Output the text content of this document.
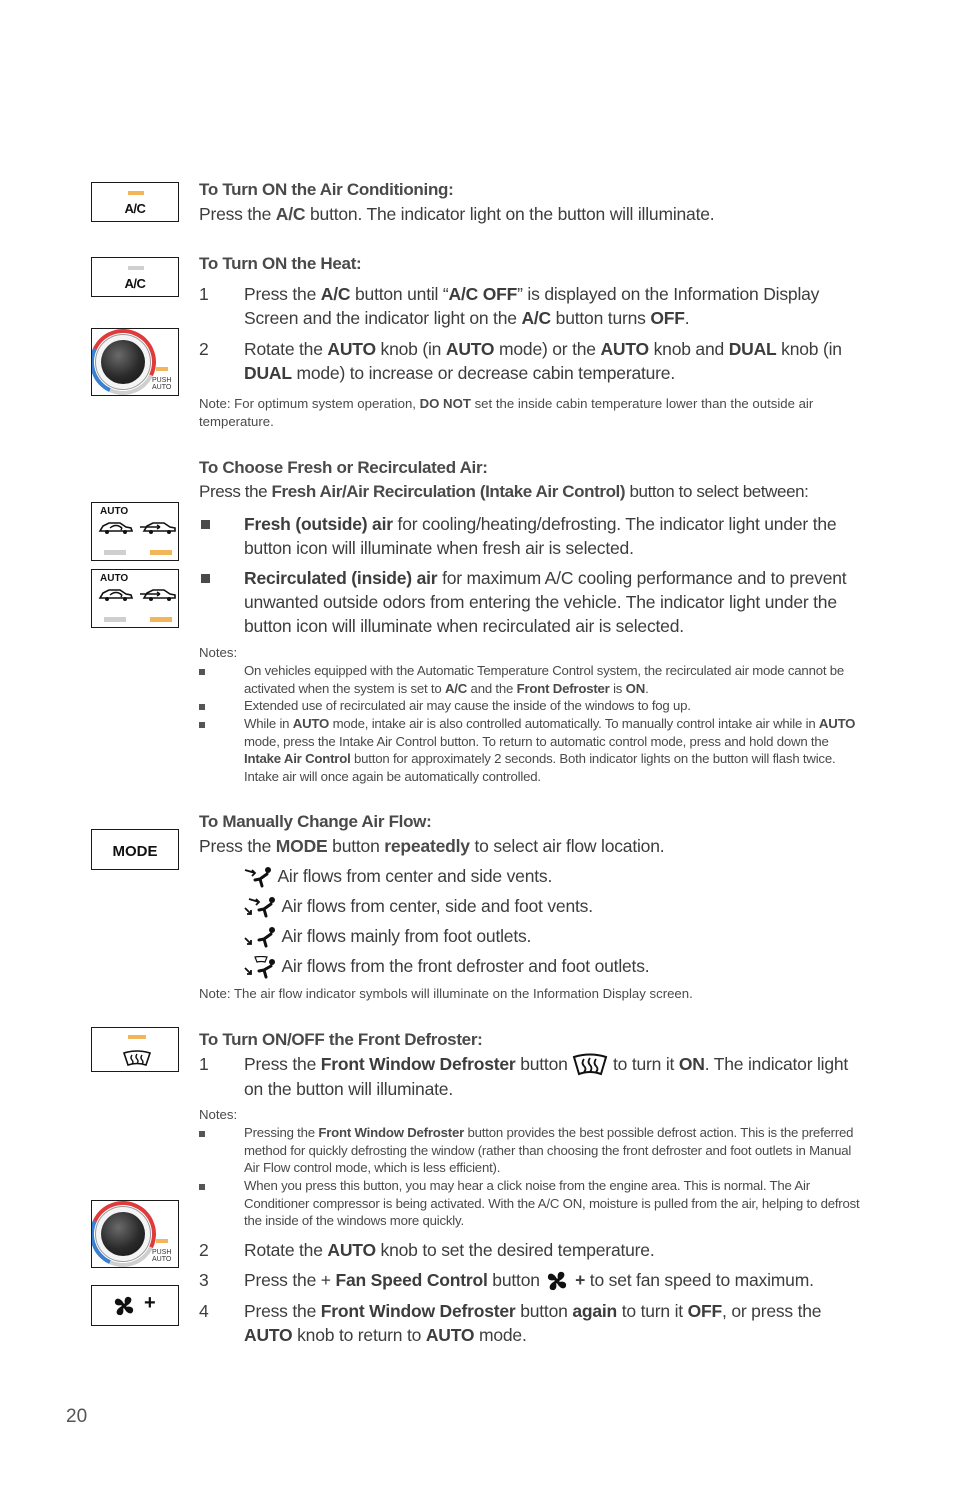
A/C
A/C
PUSH
AUTO
AUTO
AUTO
MODE
PUSH
AUTO
+

To Turn ON the Air Conditioning:

Press the A/C button. The indicator light on the button will illuminate.

To Turn ON the Heat:

1 Press the A/C button until “A/C OFF” is displayed on the Information Display Screen and the indicator light on the A/C button turns OFF.
2 Rotate the AUTO knob (in AUTO mode) or the AUTO knob and DUAL knob (in DUAL mode) to increase or decrease cabin temperature.

Note: For optimum system operation, DO NOT set the inside cabin temperature lower than the outside air temperature.

To Choose Fresh or Recirculated Air:

Press the Fresh Air/Air Recirculation (Intake Air Control) button to select between:

Fresh (outside) air for cooling/heating/defrosting. The indicator light under the button icon will illuminate when fresh air is selected.
Recirculated (inside) air for maximum A/C cooling performance and to prevent unwanted outside odors from entering the vehicle. The indicator light under the button icon will illuminate when recirculated air is selected.

Notes:

On vehicles equipped with the Automatic Temperature Control system, the recirculated air mode cannot be activated when the system is set to A/C and the Front Defroster is ON.
Extended use of recirculated air may cause the inside of the windows to fog up.
While in AUTO mode, intake air is also controlled automatically. To manually control intake air while in AUTO mode, press the Intake Air Control button. To return to automatic control mode, press and hold down the Intake Air Control button for approximately 2 seconds. Both indicator lights on the button will flash twice. Intake air will once again be automatically controlled.

To Manually Change Air Flow:

Press the MODE button repeatedly to select air flow location.

Air flows from center and side vents.
Air flows from center, side and foot vents.
Air flows mainly from foot outlets.
Air flows from the front defroster and foot outlets.

Note: The air flow indicator symbols will illuminate on the Information Display screen.

To Turn ON/OFF the Front Defroster:

1 Press the Front Window Defroster button  to turn it ON. The indicator light on the button will illuminate.

Notes:

Pressing the Front Window Defroster button provides the best possible defrost action. This is the preferred method for quickly defrosting the window (rather than choosing the front defroster and foot outlets in Manual Air Flow control mode, which is less efficient).
When you press this button, you may hear a click noise from the engine area. This is normal. The Air Conditioner compressor is being activated. With the A/C ON, moisture is pulled from the air, helping to defrost the inside of the windows more quickly.
2 Rotate the AUTO knob to set the desired temperature.
3 Press the + Fan Speed Control button  + to set fan speed to maximum.
4 Press the Front Window Defroster button again to turn it OFF, or press the AUTO knob to return to AUTO mode.
20
